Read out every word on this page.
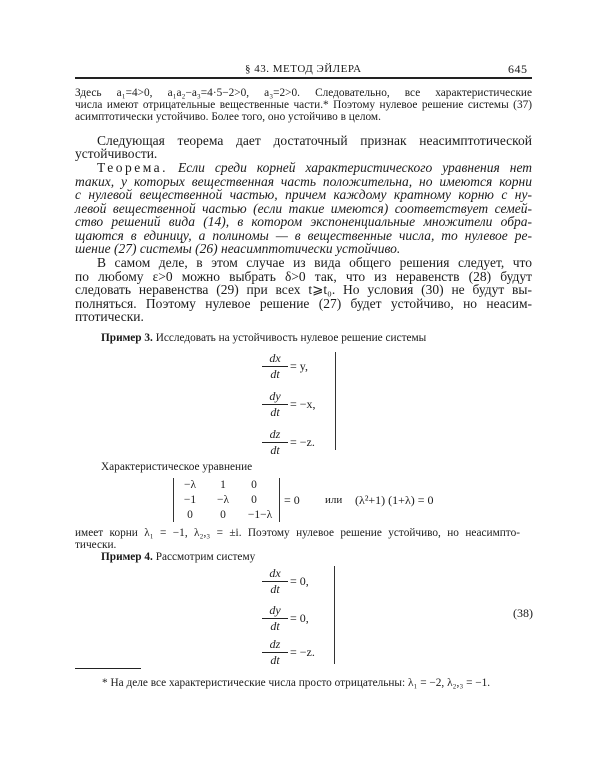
§ 43. МЕТОД ЭЙЛЕРА	645
Здесь a₁=4>0, a₁a₂−a₃=4·5−2>0, a₃=2>0. Следовательно, все характеристические
числа имеют отрицательные вещественные части.* Поэтому нулевое решение системы (37)
асимптотически устойчиво. Более того, оно устойчиво в целом.
Следующая теорема дает достаточный признак неасимптотической
устойчивости.
Теорема. Если среди корней характеристического уравнения нет
таких, у которых вещественная часть положительна, но имеются корни
с нулевой вещественной частью, причем каждому кратному корню с ну-
левой вещественной частью (если такие имеются) соответствует семей-
ство решений вида (14), в котором экспоненциальные множители обра-
щаются в единицу, а полиномы — в вещественные числа, то нулевое ре-
шение (27) системы (26) неасимптотически устойчиво.
В самом деле, в этом случае из вида общего решения следует, что
по любому ε>0 можно выбрать δ>0 так, что из неравенств (28) будут
следовать неравенства (29) при всех t⩾t₀. Но условия (30) не будут вы-
полняться. Поэтому нулевое решение (27) будет устойчиво, но неасим-
птотически.
Пример 3. Исследовать на устойчивость нулевое решение системы
$\frac{dx}{dt} = y$,
$\frac{dy}{dt} = -x$,
$\frac{dz}{dt} = -z$.
Характеристическое уравнение
−λ	1	0
−1	−λ	0
0	0	−1−λ
= 0 или (λ²+1) (1+λ) = 0
имеет корни λ₁ = −1, λ₂,₃ = ±i. Поэтому нулевое решение устойчиво, но неасимпто-
тически.
Пример 4. Рассмотрим систему
$\frac{dx}{dt} = 0$,
$\frac{dy}{dt} = 0$,
$\frac{dz}{dt} = -z$.
(38)
* На деле все характеристические числа просто отрицательны: λ₁ = −2, λ₂,₃ = −1.
